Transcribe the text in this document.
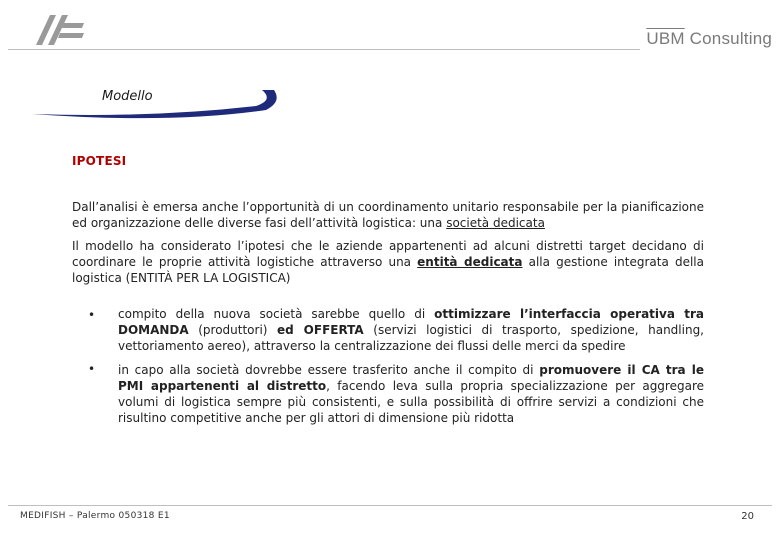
$\overline{UBM}$ Consulting
Modello
IPOTESI
Dall’analisi è emersa anche l’opportunità di un coordinamento unitario responsabile per la pianificazione ed organizzazione delle diverse fasi dell’attività logistica: una società dedicata
Il modello ha considerato l’ipotesi che le aziende appartenenti ad alcuni distretti target decidano di coordinare le proprie attività logistiche attraverso una entità dedicata alla gestione integrata della logistica (ENTITÀ PER LA LOGISTICA)
• compito della nuova società sarebbe quello di ottimizzare l’interfaccia operativa tra DOMANDA (produttori) ed OFFERTA (servizi logistici di trasporto, spedizione, handling, vettoriamento aereo), attraverso la centralizzazione dei flussi delle merci da spedire
• in capo alla società dovrebbe essere trasferito anche il compito di promuovere il CA tra le PMI appartenenti al distretto, facendo leva sulla propria specializzazione per aggregare volumi di logistica sempre più consistenti, e sulla possibilità di offrire servizi a condizioni che risultino competitive anche per gli attori di dimensione più ridotta
MEDIFISH – Palermo 050318 E1	20
